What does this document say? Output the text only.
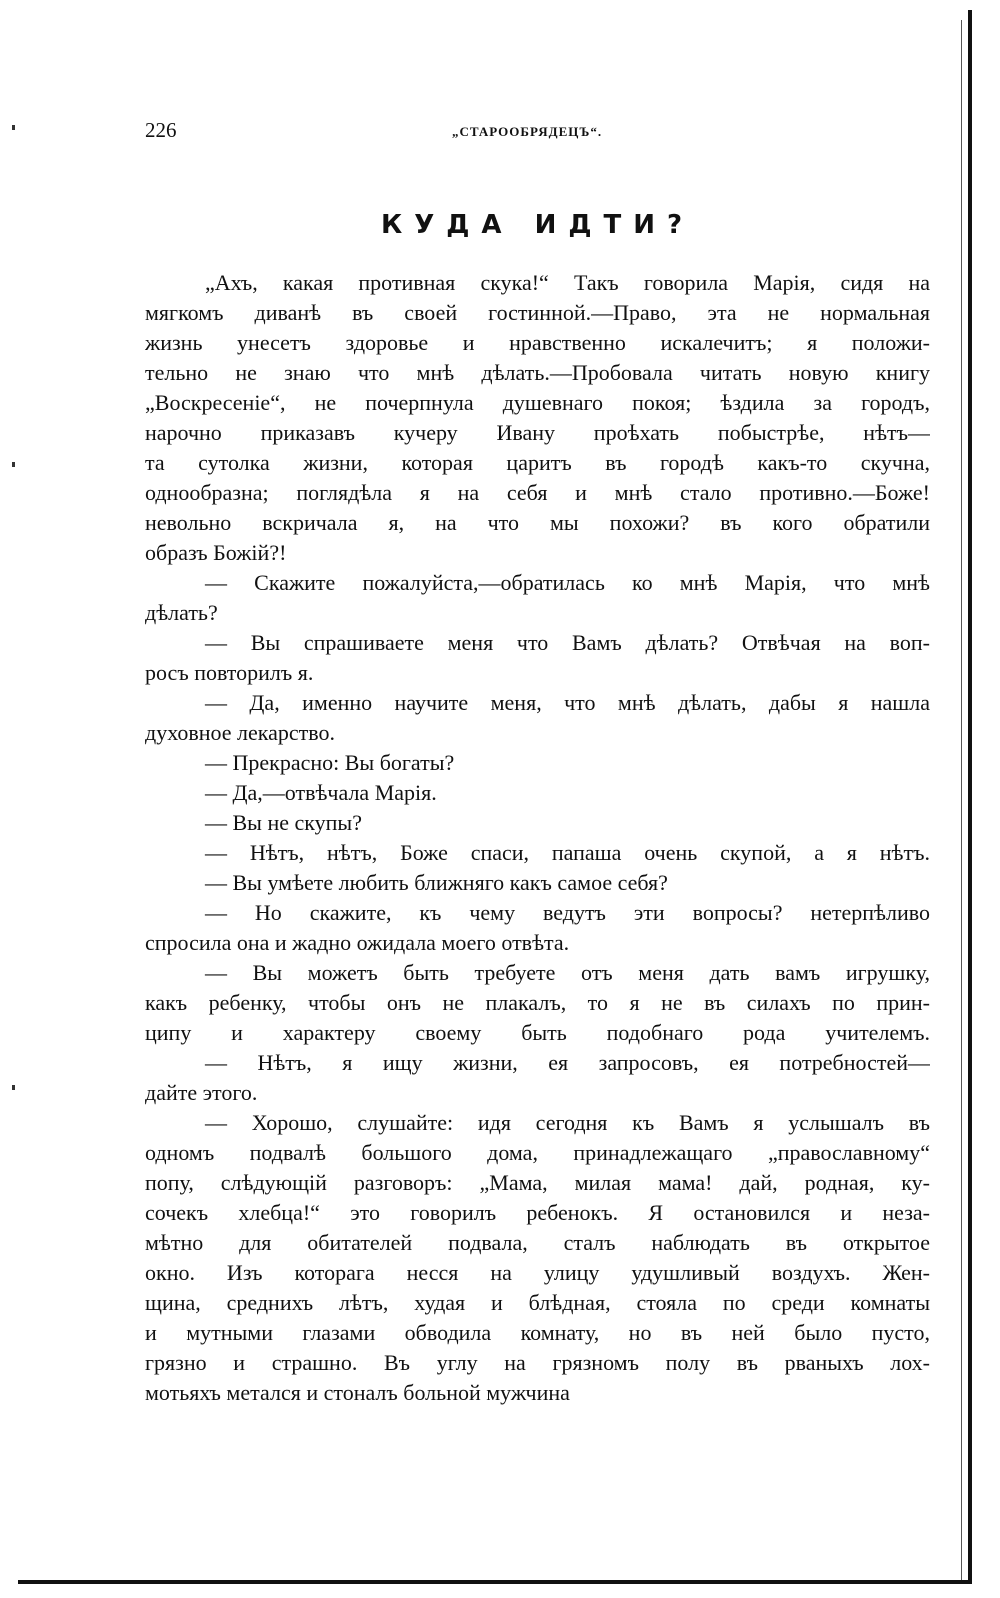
226	„СТАРООБРЯДЕЦЪ“.
КУДА ИДТИ?
„Ахъ, какая противная скука!“ Такъ говорила Марія, сидя на
мягкомъ диванѣ въ своей гостинной.—Право, эта не нормальная
жизнь унесетъ здоровье и нравственно искалечитъ; я положи-
тельно не знаю что мнѣ дѣлать.—Пробовала читать новую книгу
„Воскресеніе“, не почерпнула душевнаго покоя; ѣздила за городъ,
нарочно приказавъ кучеру Ивану проѣхать побыстрѣе, нѣтъ—
та сутолка жизни, которая царитъ въ городѣ какъ-то скучна,
однообразна; поглядѣла я на себя и мнѣ стало противно.—Боже!
невольно вскричала я, на что мы похожи? въ кого обратили
образъ Божій?!
— Скажите пожалуйста,—обратилась ко мнѣ Марія, что мнѣ
дѣлать?
— Вы спрашиваете меня что Вамъ дѣлать? Отвѣчая на воп-
росъ повторилъ я.
— Да, именно научите меня, что мнѣ дѣлать, дабы я нашла
духовное лекарство.
— Прекрасно: Вы богаты?
— Да,—отвѣчала Марія.
— Вы не скупы?
— Нѣтъ, нѣтъ, Боже спаси, папаша очень скупой, а я нѣтъ.
— Вы умѣете любить ближняго какъ самое себя?
— Но скажите, къ чему ведутъ эти вопросы? нетерпѣливо
спросила она и жадно ожидала моего отвѣта.
— Вы можетъ быть требуете отъ меня дать вамъ игрушку,
какъ ребенку, чтобы онъ не плакалъ, то я не въ силахъ по прин-
ципу и характеру своему быть подобнаго рода учителемъ.
— Нѣтъ, я ищу жизни, ея запросовъ, ея потребностей—
дайте этого.
— Хорошо, слушайте: идя сегодня къ Вамъ я услышалъ въ
одномъ подвалѣ большого дома, принадлежащаго „православному“
попу, слѣдующій разговоръ: „Мама, милая мама! дай, родная, ку-
сочекъ хлебца!“ это говорилъ ребенокъ. Я остановился и неза-
мѣтно для обитателей подвала, сталъ наблюдать въ открытое
окно. Изъ которага несся на улицу удушливый воздухъ. Жен-
щина, среднихъ лѣтъ, худая и блѣдная, стояла по среди комнаты
и мутными глазами обводила комнату, но въ ней было пусто,
грязно и страшно. Въ углу на грязномъ полу въ рваныхъ лох-
мотьяхъ метался и стоналъ больной мужчина
